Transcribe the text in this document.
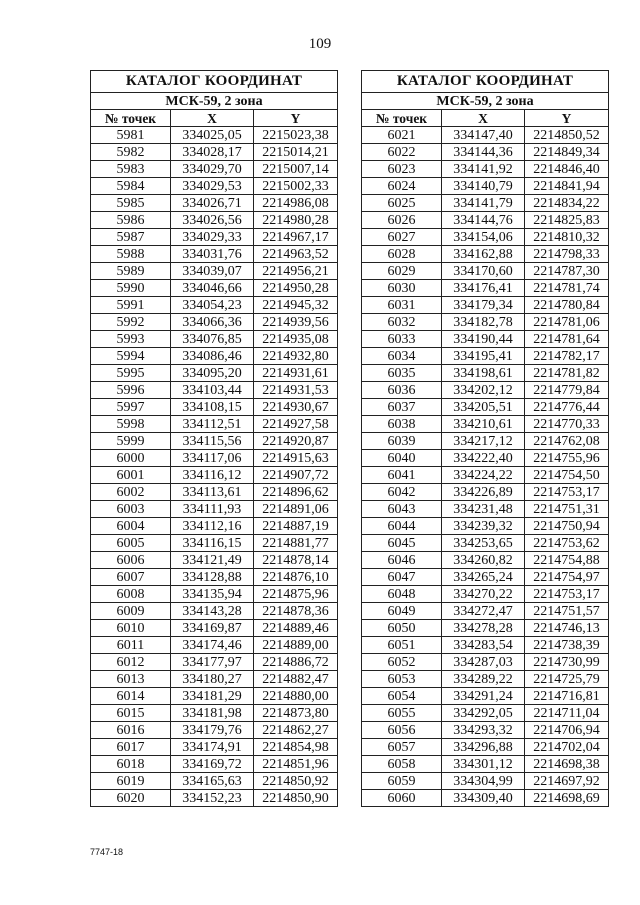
109
КАТАЛОГ КООРДИНАТ		
МСК-59, 2 зона		
№ точек	X	Y
5981	334025,05	2215023,38
5982	334028,17	2215014,21
5983	334029,70	2215007,14
5984	334029,53	2215002,33
5985	334026,71	2214986,08
5986	334026,56	2214980,28
5987	334029,33	2214967,17
5988	334031,76	2214963,52
5989	334039,07	2214956,21
5990	334046,66	2214950,28
5991	334054,23	2214945,32
5992	334066,36	2214939,56
5993	334076,85	2214935,08
5994	334086,46	2214932,80
5995	334095,20	2214931,61
5996	334103,44	2214931,53
5997	334108,15	2214930,67
5998	334112,51	2214927,58
5999	334115,56	2214920,87
6000	334117,06	2214915,63
6001	334116,12	2214907,72
6002	334113,61	2214896,62
6003	334111,93	2214891,06
6004	334112,16	2214887,19
6005	334116,15	2214881,77
6006	334121,49	2214878,14
6007	334128,88	2214876,10
6008	334135,94	2214875,96
6009	334143,28	2214878,36
6010	334169,87	2214889,46
6011	334174,46	2214889,00
6012	334177,97	2214886,72
6013	334180,27	2214882,47
6014	334181,29	2214880,00
6015	334181,98	2214873,80
6016	334179,76	2214862,27
6017	334174,91	2214854,98
6018	334169,72	2214851,96
6019	334165,63	2214850,92
6020	334152,23	2214850,90
КАТАЛОГ КООРДИНАТ		
МСК-59, 2 зона		
№ точек	X	Y
6021	334147,40	2214850,52
6022	334144,36	2214849,34
6023	334141,92	2214846,40
6024	334140,79	2214841,94
6025	334141,79	2214834,22
6026	334144,76	2214825,83
6027	334154,06	2214810,32
6028	334162,88	2214798,33
6029	334170,60	2214787,30
6030	334176,41	2214781,74
6031	334179,34	2214780,84
6032	334182,78	2214781,06
6033	334190,44	2214781,64
6034	334195,41	2214782,17
6035	334198,61	2214781,82
6036	334202,12	2214779,84
6037	334205,51	2214776,44
6038	334210,61	2214770,33
6039	334217,12	2214762,08
6040	334222,40	2214755,96
6041	334224,22	2214754,50
6042	334226,89	2214753,17
6043	334231,48	2214751,31
6044	334239,32	2214750,94
6045	334253,65	2214753,62
6046	334260,82	2214754,88
6047	334265,24	2214754,97
6048	334270,22	2214753,17
6049	334272,47	2214751,57
6050	334278,28	2214746,13
6051	334283,54	2214738,39
6052	334287,03	2214730,99
6053	334289,22	2214725,79
6054	334291,24	2214716,81
6055	334292,05	2214711,04
6056	334293,32	2214706,94
6057	334296,88	2214702,04
6058	334301,12	2214698,38
6059	334304,99	2214697,92
6060	334309,40	2214698,69
7747-18
